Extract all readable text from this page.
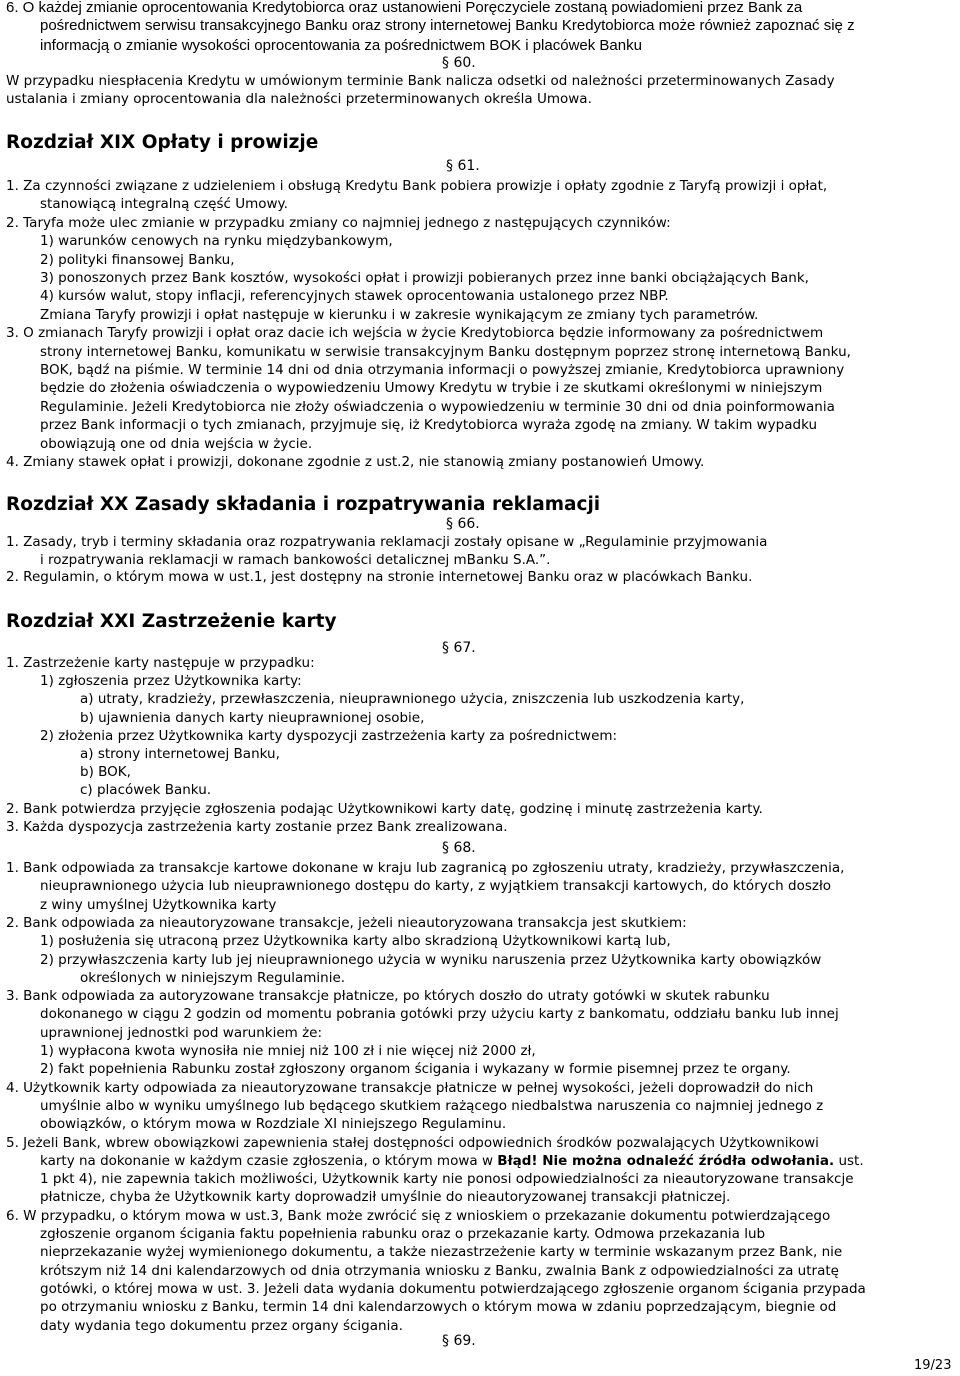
6. O każdej zmianie oprocentowania Kredytobiorca oraz ustanowieni Poręczyciele zostaną powiadomieni przez Bank za
pośrednictwem serwisu transakcyjnego Banku oraz strony internetowej Banku Kredytobiorca może również zapoznać się z
informacją o zmianie wysokości oprocentowania za pośrednictwem BOK i placówek Banku
§ 60.
W przypadku niespłacenia Kredytu w umówionym terminie Bank nalicza odsetki od należności przeterminowanych Zasady
ustalania i zmiany oprocentowania dla należności przeterminowanych określa Umowa.
Rozdział XIX Opłaty i prowizje
§ 61.
1. Za czynności związane z udzieleniem i obsługą Kredytu Bank pobiera prowizje i opłaty zgodnie z Taryfą prowizji i opłat,
stanowiącą integralną część Umowy.
2. Taryfa może ulec zmianie w przypadku zmiany co najmniej jednego z następujących czynników:
1) warunków cenowych na rynku międzybankowym,
2) polityki finansowej Banku,
3) ponoszonych przez Bank kosztów, wysokości opłat i prowizji pobieranych przez inne banki obciążających Bank,
4) kursów walut, stopy inflacji, referencyjnych stawek oprocentowania ustalonego przez NBP.
Zmiana Taryfy prowizji i opłat następuje w kierunku i w zakresie wynikającym ze zmiany tych parametrów.
3. O zmianach Taryfy prowizji i opłat oraz dacie ich wejścia w życie Kredytobiorca będzie informowany za pośrednictwem
strony internetowej Banku, komunikatu w serwisie transakcyjnym Banku dostępnym poprzez stronę internetową Banku,
BOK, bądź na piśmie. W terminie 14 dni od dnia otrzymania informacji o powyższej zmianie, Kredytobiorca uprawniony
będzie do złożenia oświadczenia o wypowiedzeniu Umowy Kredytu w trybie i ze skutkami określonymi w niniejszym
Regulaminie. Jeżeli Kredytobiorca nie złoży oświadczenia o wypowiedzeniu w terminie 30 dni od dnia poinformowania
przez Bank informacji o tych zmianach, przyjmuje się, iż Kredytobiorca wyraża zgodę na zmiany. W takim wypadku
obowiązują one od dnia wejścia w życie.
4. Zmiany stawek opłat i prowizji, dokonane zgodnie z ust.2, nie stanowią zmiany postanowień Umowy.
Rozdział XX Zasady składania i rozpatrywania reklamacji
§ 66.
1. Zasady, tryb i terminy składania oraz rozpatrywania reklamacji zostały opisane w „Regulaminie przyjmowania
i rozpatrywania reklamacji w ramach bankowości detalicznej mBanku S.A.”.
2. Regulamin, o którym mowa w ust.1, jest dostępny na stronie internetowej Banku oraz w placówkach Banku.
Rozdział XXI Zastrzeżenie karty
§ 67.
1. Zastrzeżenie karty następuje w przypadku:
1) zgłoszenia przez Użytkownika karty:
a) utraty, kradzieży, przewłaszczenia, nieuprawnionego użycia, zniszczenia lub uszkodzenia karty,
b) ujawnienia danych karty nieuprawnionej osobie,
2) złożenia przez Użytkownika karty dyspozycji zastrzeżenia karty za pośrednictwem:
a) strony internetowej Banku,
b) BOK,
c) placówek Banku.
2. Bank potwierdza przyjęcie zgłoszenia podając Użytkownikowi karty datę, godzinę i minutę zastrzeżenia karty.
3. Każda dyspozycja zastrzeżenia karty zostanie przez Bank zrealizowana.
§ 68.
1. Bank odpowiada za transakcje kartowe dokonane w kraju lub zagranicą po zgłoszeniu utraty, kradzieży, przywłaszczenia,
nieuprawnionego użycia lub nieuprawnionego dostępu do karty, z wyjątkiem transakcji kartowych, do których doszło
z winy umyślnej Użytkownika karty
2. Bank odpowiada za nieautoryzowane transakcje, jeżeli nieautoryzowana transakcja jest skutkiem:
1) posłużenia się utraconą przez Użytkownika karty albo skradzioną Użytkownikowi kartą lub,
2) przywłaszczenia karty lub jej nieuprawnionego użycia w wyniku naruszenia przez Użytkownika karty obowiązków
określonych w niniejszym Regulaminie.
3. Bank odpowiada za autoryzowane transakcje płatnicze, po których doszło do utraty gotówki w skutek rabunku
dokonanego w ciągu 2 godzin od momentu pobrania gotówki przy użyciu karty z bankomatu, oddziału banku lub innej
uprawnionej jednostki pod warunkiem że:
1) wypłacona kwota wynosiła nie mniej niż 100 zł i nie więcej niż 2000 zł,
2) fakt popełnienia Rabunku został zgłoszony organom ścigania i wykazany w formie pisemnej przez te organy.
4. Użytkownik karty odpowiada za nieautoryzowane transakcje płatnicze w pełnej wysokości, jeżeli doprowadził do nich
umyślnie albo w wyniku umyślnego lub będącego skutkiem rażącego niedbalstwa naruszenia co najmniej jednego z
obowiązków, o którym mowa w Rozdziale XI niniejszego Regulaminu.
5. Jeżeli Bank, wbrew obowiązkowi zapewnienia stałej dostępności odpowiednich środków pozwalających Użytkownikowi
karty na dokonanie w każdym czasie zgłoszenia, o którym mowa w Błąd! Nie można odnaleźć źródła odwołania. ust.
1 pkt 4), nie zapewnia takich możliwości, Użytkownik karty nie ponosi odpowiedzialności za nieautoryzowane transakcje
płatnicze, chyba że Użytkownik karty doprowadził umyślnie do nieautoryzowanej transakcji płatniczej.
6. W przypadku, o którym mowa w ust.3, Bank może zwrócić się z wnioskiem o przekazanie dokumentu potwierdzającego
zgłoszenie organom ścigania faktu popełnienia rabunku oraz o przekazanie karty. Odmowa przekazania lub
nieprzekazanie wyżej wymienionego dokumentu, a także niezastrzeżenie karty w terminie wskazanym przez Bank, nie
krótszym niż 14 dni kalendarzowych od dnia otrzymania wniosku z Banku, zwalnia Bank z odpowiedzialności za utratę
gotówki, o której mowa w ust. 3. Jeżeli data wydania dokumentu potwierdzającego zgłoszenie organom ścigania przypada
po otrzymaniu wniosku z Banku, termin 14 dni kalendarzowych o którym mowa w zdaniu poprzedzającym, biegnie od
daty wydania tego dokumentu przez organy ścigania.
§ 69.
19/23
